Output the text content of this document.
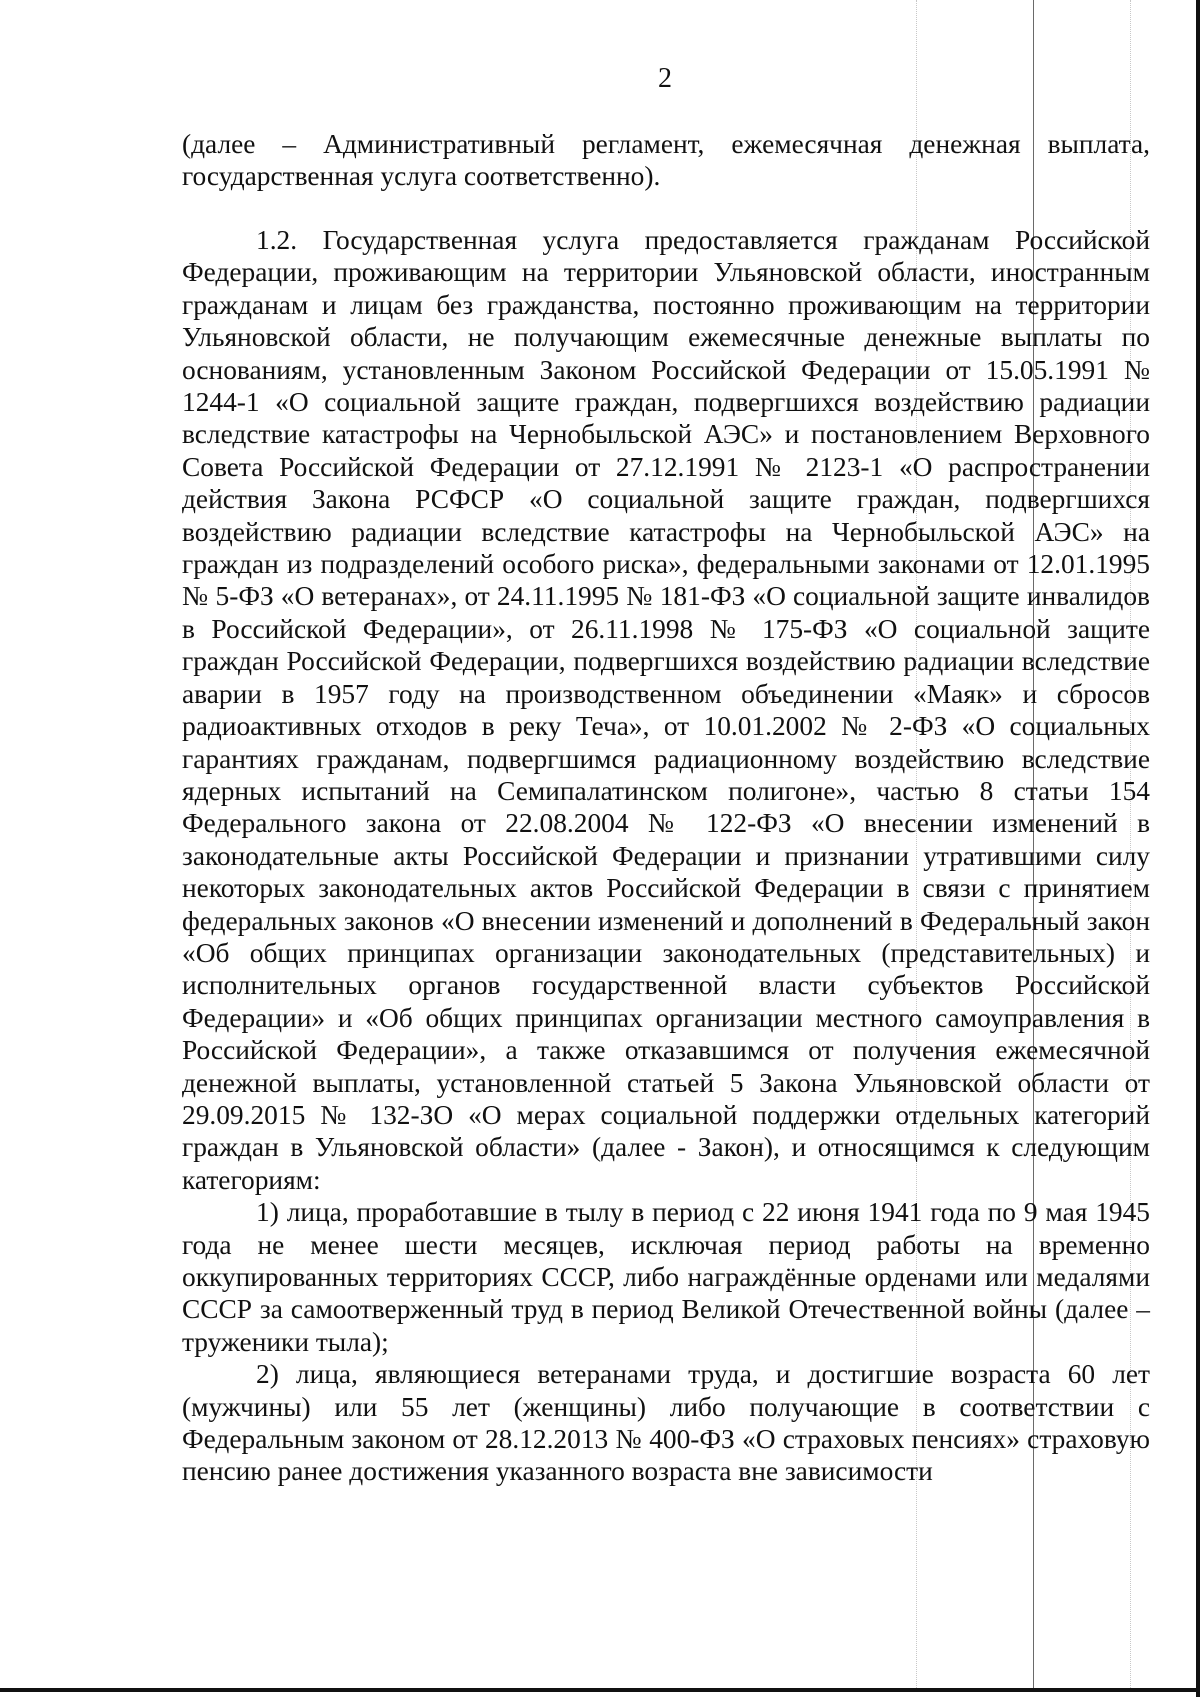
2

(далее – Административный регламент, ежемесячная денежная выплата, государственная услуга соответственно).

1.2. Государственная услуга предоставляется гражданам Российской Федерации, проживающим на территории Ульяновской области, иностранным гражданам и лицам без гражданства, постоянно проживающим на территории Ульяновской области, не получающим ежемесячные денежные выплаты по основаниям, установленным Законом Российской Федерации от 15.05.1991 № 1244-1 «О социальной защите граждан, подвергшихся воздействию радиации вследствие катастрофы на Чернобыльской АЭС» и постановлением Верховного Совета Российской Федерации от 27.12.1991 № 2123-1 «О распространении действия Закона РСФСР «О социальной защите граждан, подвергшихся воздействию радиации вследствие катастрофы на Чернобыльской АЭС» на граждан из подразделений особого риска», федеральными законами от 12.01.1995 № 5-ФЗ «О ветеранах», от 24.11.1995 № 181-ФЗ «О социальной защите инвалидов в Российской Федерации», от 26.11.1998 № 175-ФЗ «О социальной защите граждан Российской Федерации, подвергшихся воздействию радиации вследствие аварии в 1957 году на производственном объединении «Маяк» и сбросов радиоактивных отходов в реку Теча», от 10.01.2002 № 2-ФЗ «О социальных гарантиях гражданам, подвергшимся радиационному воздействию вследствие ядерных испытаний на Семипалатинском полигоне», частью 8 статьи 154 Федерального закона от 22.08.2004 № 122-ФЗ «О внесении изменений в законодательные акты Российской Федерации и признании утратившими силу некоторых законодательных актов Российской Федерации в связи с принятием федеральных законов «О внесении изменений и дополнений в Федеральный закон «Об общих принципах организации законодательных (представительных) и исполнительных органов государственной власти субъектов Российской Федерации» и «Об общих принципах организации местного самоуправления в Российской Федерации», а также отказавшимся от получения ежемесячной денежной выплаты, установленной статьей 5 Закона Ульяновской области от 29.09.2015 № 132-ЗО «О мерах социальной поддержки отдельных категорий граждан в Ульяновской области» (далее - Закон), и относящимся к следующим категориям:

1) лица, проработавшие в тылу в период с 22 июня 1941 года по 9 мая 1945 года не менее шести месяцев, исключая период работы на временно оккупированных территориях СССР, либо награждённые орденами или медалями СССР за самоотверженный труд в период Великой Отечественной войны (далее – труженики тыла);

2) лица, являющиеся ветеранами труда, и достигшие возраста 60 лет (мужчины) или 55 лет (женщины) либо получающие в соответствии с Федеральным законом от 28.12.2013 № 400-ФЗ «О страховых пенсиях» страховую пенсию ранее достижения указанного возраста вне зависимости
